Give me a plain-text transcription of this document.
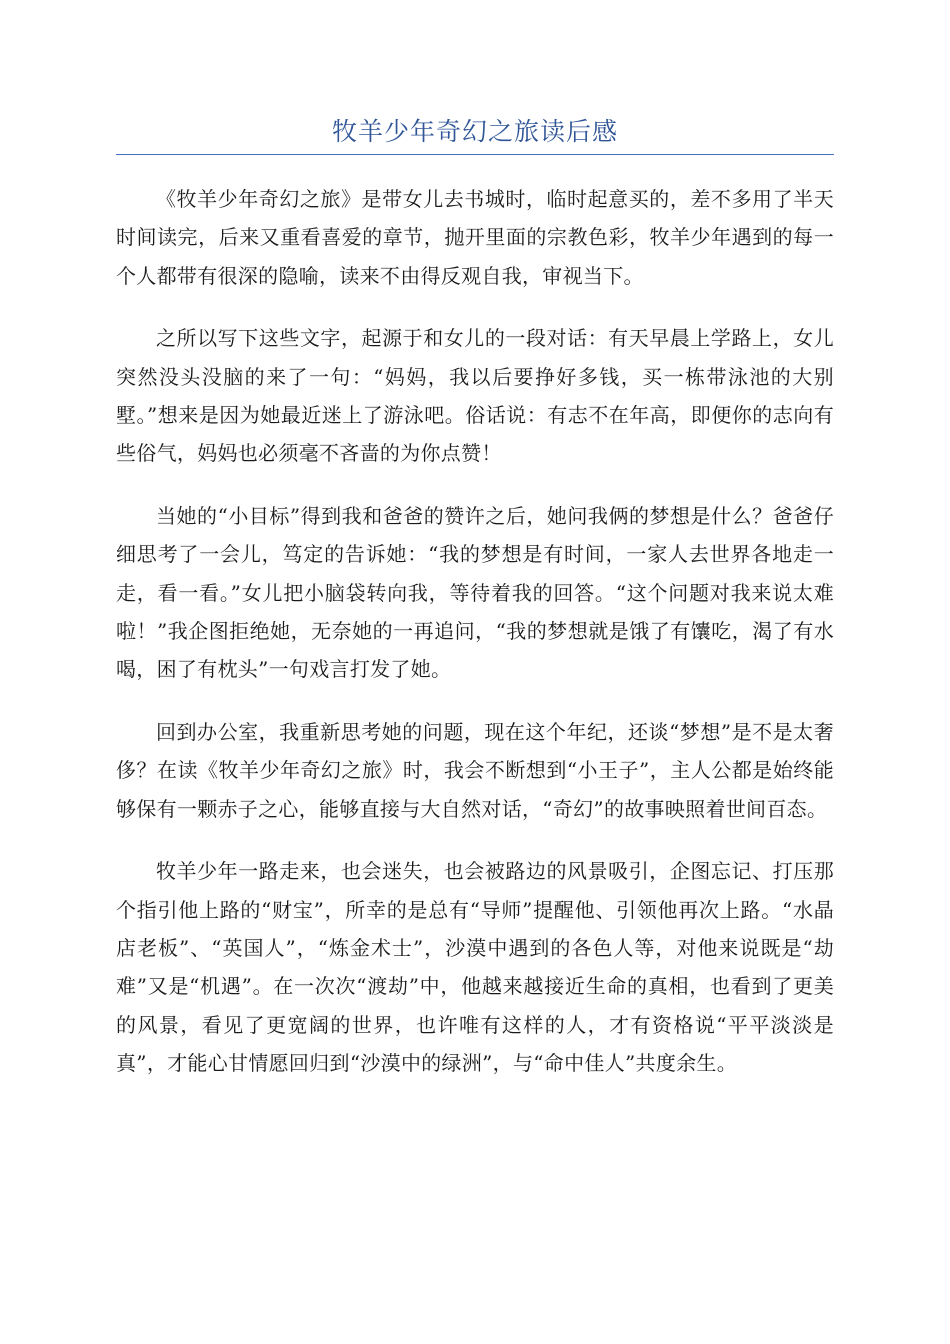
牧羊少年奇幻之旅读后感

《牧羊少年奇幻之旅》是带女儿去书城时，临时起意买的，差不多用了半天时间读完，后来又重看喜爱的章节，抛开里面的宗教色彩，牧羊少年遇到的每一个人都带有很深的隐喻，读来不由得反观自我，审视当下。

之所以写下这些文字，起源于和女儿的一段对话：有天早晨上学路上，女儿突然没头没脑的来了一句：“妈妈，我以后要挣好多钱，买一栋带泳池的大别墅。”想来是因为她最近迷上了游泳吧。俗话说：有志不在年高，即便你的志向有些俗气，妈妈也必须毫不吝啬的为你点赞！

当她的“小目标”得到我和爸爸的赞许之后，她问我俩的梦想是什么？爸爸仔细思考了一会儿，笃定的告诉她：“我的梦想是有时间，一家人去世界各地走一走，看一看。”女儿把小脑袋转向我，等待着我的回答。“这个问题对我来说太难啦！”我企图拒绝她，无奈她的一再追问，“我的梦想就是饿了有馕吃，渴了有水喝，困了有枕头”一句戏言打发了她。

回到办公室，我重新思考她的问题，现在这个年纪，还谈“梦想”是不是太奢侈？在读《牧羊少年奇幻之旅》时，我会不断想到“小王子”，主人公都是始终能够保有一颗赤子之心，能够直接与大自然对话，“奇幻”的故事映照着世间百态。

牧羊少年一路走来，也会迷失，也会被路边的风景吸引，企图忘记、打压那个指引他上路的“财宝”，所幸的是总有“导师”提醒他、引领他再次上路。“水晶店老板”、“英国人”，“炼金术士”，沙漠中遇到的各色人等，对他来说既是“劫难”又是“机遇”。在一次次“渡劫”中，他越来越接近生命的真相，也看到了更美的风景，看见了更宽阔的世界，也许唯有这样的人，才有资格说“平平淡淡是真”，才能心甘情愿回归到“沙漠中的绿洲”，与“命中佳人”共度余生。
